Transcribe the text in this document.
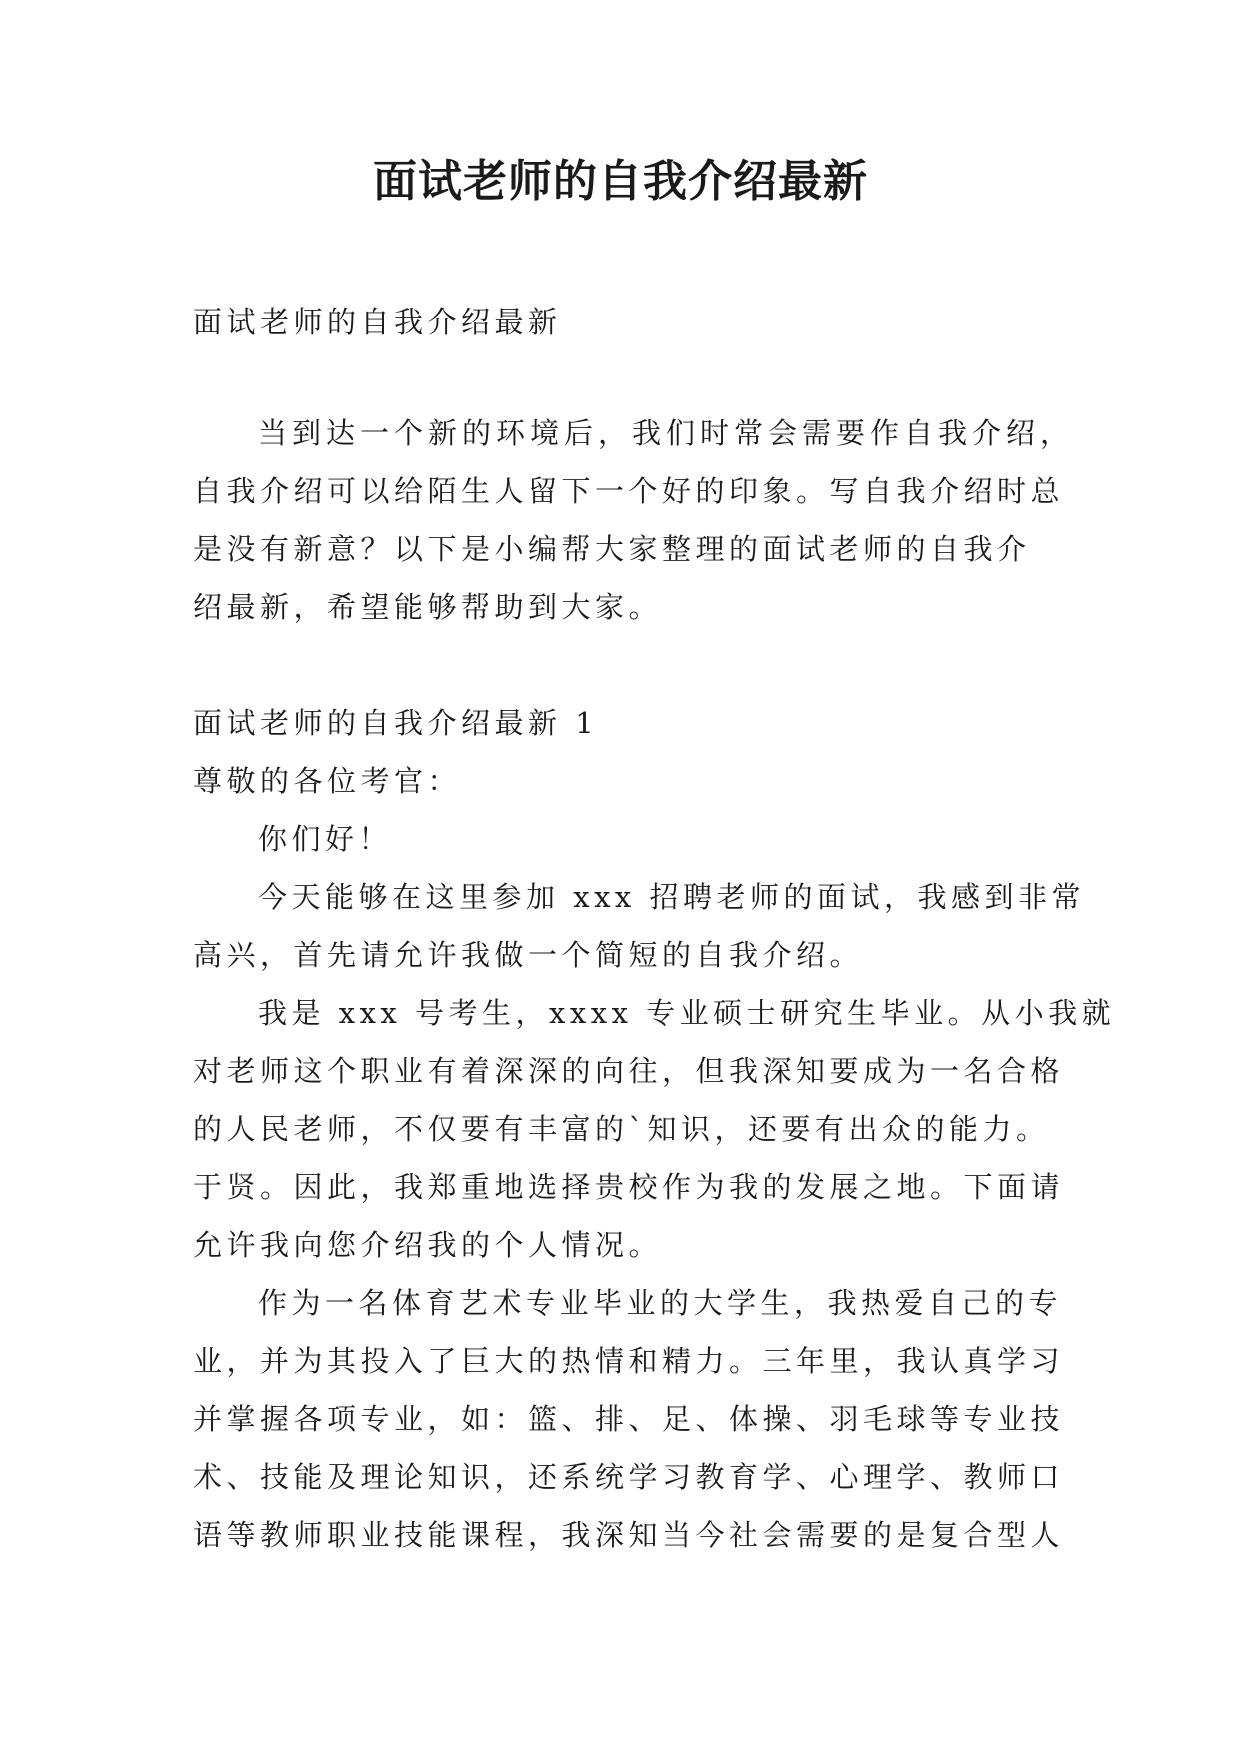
面试老师的自我介绍最新
面试老师的自我介绍最新
当到达一个新的环境后，我们时常会需要作自我介绍，
自我介绍可以给陌生人留下一个好的印象。写自我介绍时总
是没有新意？以下是小编帮大家整理的面试老师的自我介
绍最新，希望能够帮助到大家。
面试老师的自我介绍最新 1
尊敬的各位考官：
你们好！
今天能够在这里参加 xxx 招聘老师的面试，我感到非常
高兴，首先请允许我做一个简短的自我介绍。
我是 xxx 号考生，xxxx 专业硕士研究生毕业。从小我就
对老师这个职业有着深深的向往，但我深知要成为一名合格
的人民老师，不仅要有丰富的`知识，还要有出众的能力。
于贤。因此，我郑重地选择贵校作为我的发展之地。下面请
允许我向您介绍我的个人情况。
作为一名体育艺术专业毕业的大学生，我热爱自己的专
业，并为其投入了巨大的热情和精力。三年里，我认真学习
并掌握各项专业，如：篮、排、足、体操、羽毛球等专业技
术、技能及理论知识，还系统学习教育学、心理学、教师口
语等教师职业技能课程，我深知当今社会需要的是复合型人
